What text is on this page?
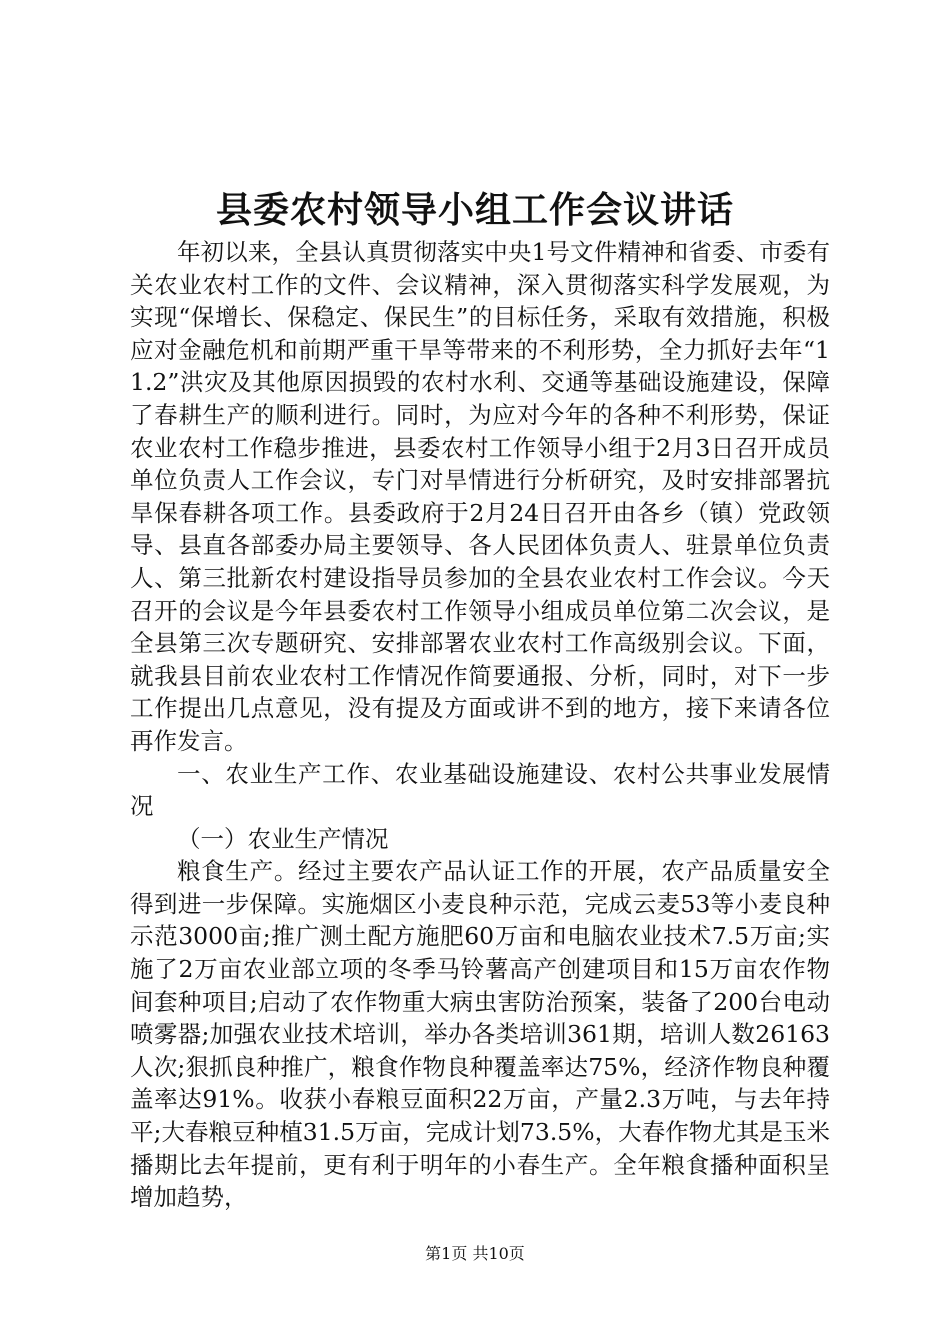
县委农村领导小组工作会议讲话

年初以来，全县认真贯彻落实中央1号文件精神和省委、市委有关农业农村工作的文件、会议精神，深入贯彻落实科学发展观，为实现“保增长、保稳定、保民生”的目标任务，采取有效措施，积极应对金融危机和前期严重干旱等带来的不利形势，全力抓好去年“11.2”洪灾及其他原因损毁的农村水利、交通等基础设施建设，保障了春耕生产的顺利进行。同时，为应对今年的各种不利形势，保证农业农村工作稳步推进，县委农村工作领导小组于2月3日召开成员单位负责人工作会议，专门对旱情进行分析研究，及时安排部署抗旱保春耕各项工作。县委政府于2月24日召开由各乡（镇）党政领导、县直各部委办局主要领导、各人民团体负责人、驻景单位负责人、第三批新农村建设指导员参加的全县农业农村工作会议。今天召开的会议是今年县委农村工作领导小组成员单位第二次会议，是全县第三次专题研究、安排部署农业农村工作高级别会议。下面，就我县目前农业农村工作情况作简要通报、分析，同时，对下一步工作提出几点意见，没有提及方面或讲不到的地方，接下来请各位再作发言。

一、农业生产工作、农业基础设施建设、农村公共事业发展情况

（一）农业生产情况

粮食生产。经过主要农产品认证工作的开展，农产品质量安全得到进一步保障。实施烟区小麦良种示范，完成云麦53等小麦良种示范3000亩;推广测土配方施肥60万亩和电脑农业技术7.5万亩;实施了2万亩农业部立项的冬季马铃薯高产创建项目和15万亩农作物间套种项目;启动了农作物重大病虫害防治预案，装备了200台电动喷雾器;加强农业技术培训，举办各类培训361期，培训人数26163人次;狠抓良种推广，粮食作物良种覆盖率达75%，经济作物良种覆盖率达91%。收获小春粮豆面积22万亩，产量2.3万吨，与去年持平;大春粮豆种植31.5万亩，完成计划73.5%，大春作物尤其是玉米播期比去年提前，更有利于明年的小春生产。全年粮食播种面积呈增加趋势，

第1页 共10页
